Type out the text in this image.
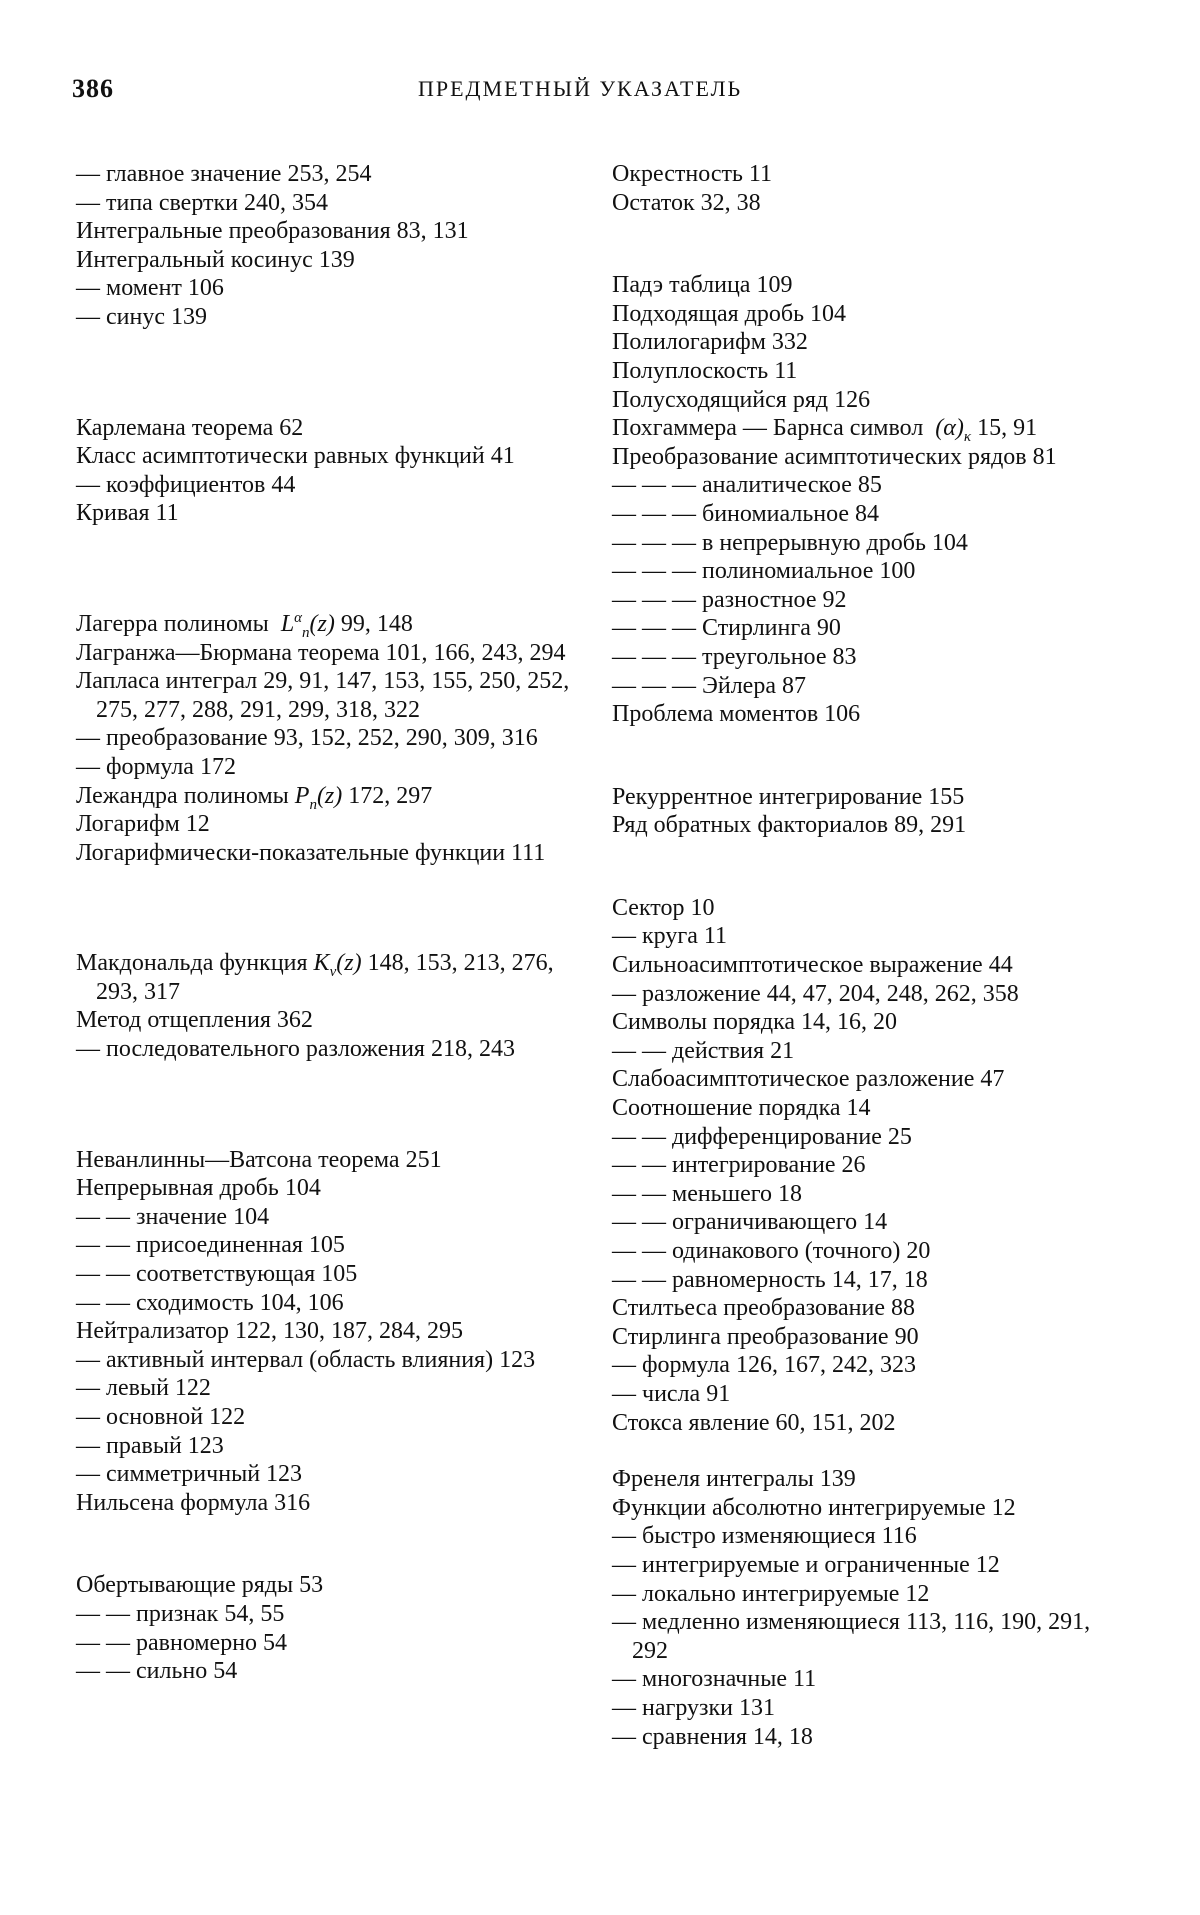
386	ПРЕДМЕТНЫЙ УКАЗАТЕЛЬ

— главное значение 253, 254

— типа свертки 240, 354

Интегральные преобразования 83, 131

Интегральный косинус 139

— момент 106

— синус 139

Карлемана теорема 62

Класс асимптотически равных функций 41

— коэффициентов 44

Кривая 11

Лагерра полиномы Lαn(z) 99, 148

Лагранжа—Бюрмана теорема 101, 166, 243, 294

Лапласа интеграл 29, 91, 147, 153, 155, 250, 252, 275, 277, 288, 291, 299, 318, 322

— преобразование 93, 152, 252, 290, 309, 316

— формула 172

Лежандра полиномы Pn(z) 172, 297

Логарифм 12

Логарифмически-показательные функции 111

Макдональда функция Kν(z) 148, 153, 213, 276, 293, 317

Метод отщепления 362

— последовательного разложения 218, 243

Неванлинны—Ватсона теорема 251

Непрерывная дробь 104

— — значение 104

— — присоединенная 105

— — соответствующая 105

— — сходимость 104, 106

Нейтрализатор 122, 130, 187, 284, 295

— активный интервал (область влияния) 123

— левый 122

— основной 122

— правый 123

— симметричный 123

Нильсена формула 316

Обертывающие ряды 53

— — признак 54, 55

— — равномерно 54

— — сильно 54

Окрестность 11

Остаток 32, 38

Падэ таблица 109

Подходящая дробь 104

Полилогарифм 332

Полуплоскость 11

Полусходящийся ряд 126

Похгаммера — Барнса символ (α)κ 15, 91

Преобразование асимптотических рядов 81

— — — аналитическое 85

— — — биномиальное 84

— — — в непрерывную дробь 104

— — — полиномиальное 100

— — — разностное 92

— — — Стирлинга 90

— — — треугольное 83

— — — Эйлера 87

Проблема моментов 106

Рекуррентное интегрирование 155

Ряд обратных факториалов 89, 291

Сектор 10

— круга 11

Сильноасимптотическое выражение 44

— разложение 44, 47, 204, 248, 262, 358

Символы порядка 14, 16, 20

— — действия 21

Слабоасимптотическое разложение 47

Соотношение порядка 14

— — дифференцирование 25

— — интегрирование 26

— — меньшего 18

— — ограничивающего 14

— — одинакового (точного) 20

— — равномерность 14, 17, 18

Стилтьеса преобразование 88

Стирлинга преобразование 90

— формула 126, 167, 242, 323

— числа 91

Стокса явление 60, 151, 202

Френеля интегралы 139

Функции абсолютно интегрируемые 12

— быстро изменяющиеся 116

— интегрируемые и ограниченные 12

— локально интегрируемые 12

— медленно изменяющиеся 113, 116, 190, 291, 292

— многозначные 11

— нагрузки 131

— сравнения 14, 18
